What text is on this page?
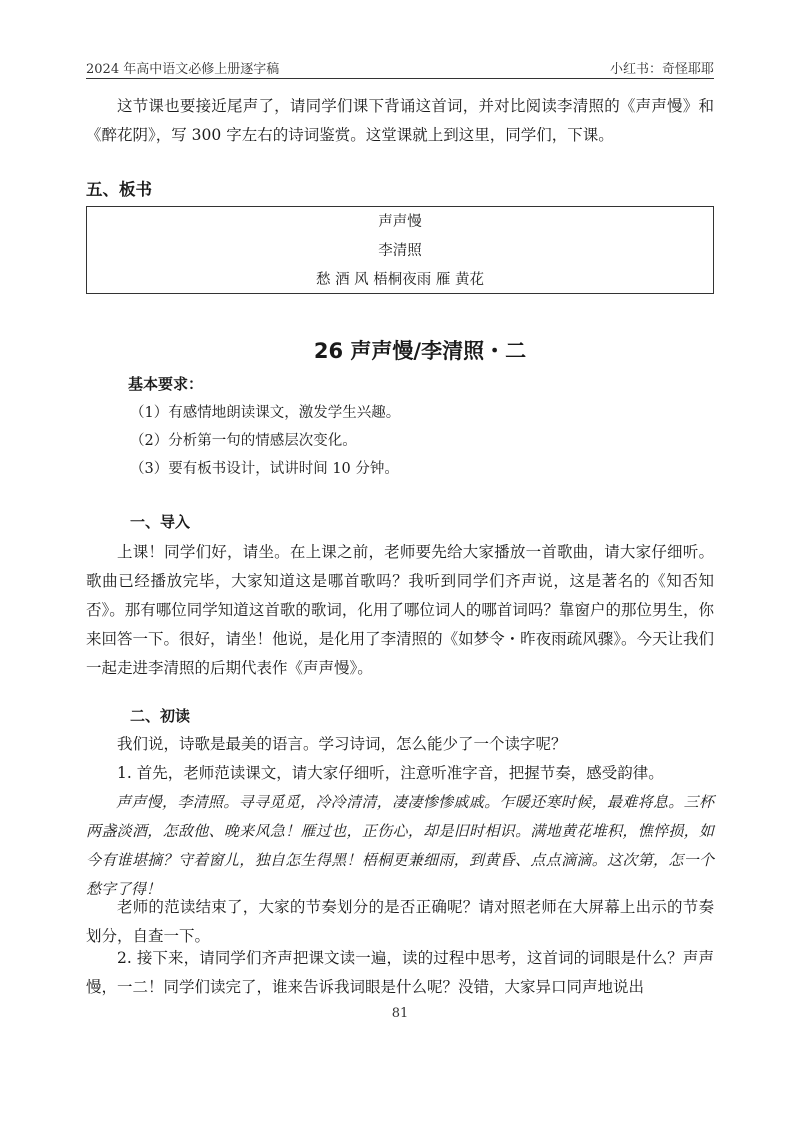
2024 年高中语文必修上册逐字稿	小红书：奇怪耶耶

这节课也要接近尾声了，请同学们课下背诵这首词，并对比阅读李清照的《声声慢》和《醉花阴》，写 300 字左右的诗词鉴赏。这堂课就上到这里，同学们，下课。

五、板书
声声慢
李清照
愁 酒 风 梧桐夜雨 雁 黄花
26 声声慢/李清照・二
基本要求：

（1）有感情地朗读课文，激发学生兴趣。

（2）分析第一句的情感层次变化。

（3）要有板书设计，试讲时间 10 分钟。

一、导入

上课！同学们好，请坐。在上课之前，老师要先给大家播放一首歌曲，请大家仔细听。歌曲已经播放完毕，大家知道这是哪首歌吗？我听到同学们齐声说，这是著名的《知否知否》。那有哪位同学知道这首歌的歌词，化用了哪位词人的哪首词吗？靠窗户的那位男生，你来回答一下。很好，请坐！他说，是化用了李清照的《如梦令・昨夜雨疏风骤》。今天让我们一起走进李清照的后期代表作《声声慢》。

二、初读

我们说，诗歌是最美的语言。学习诗词，怎么能少了一个读字呢？

1. 首先，老师范读课文，请大家仔细听，注意听准字音，把握节奏，感受韵律。

声声慢，李清照。寻寻觅觅，冷冷清清，凄凄惨惨戚戚。乍暖还寒时候，最难将息。三杯两盏淡酒，怎敌他、晚来风急！雁过也，正伤心，却是旧时相识。满地黄花堆积，憔悴损，如今有谁堪摘？守着窗儿，独自怎生得黑！梧桐更兼细雨，到黄昏、点点滴滴。这次第，怎一个愁字了得！

老师的范读结束了，大家的节奏划分的是否正确呢？请对照老师在大屏幕上出示的节奏划分，自查一下。

2. 接下来，请同学们齐声把课文读一遍，读的过程中思考，这首词的词眼是什么？声声慢，一二！同学们读完了，谁来告诉我词眼是什么呢？没错，大家异口同声地说出

81
